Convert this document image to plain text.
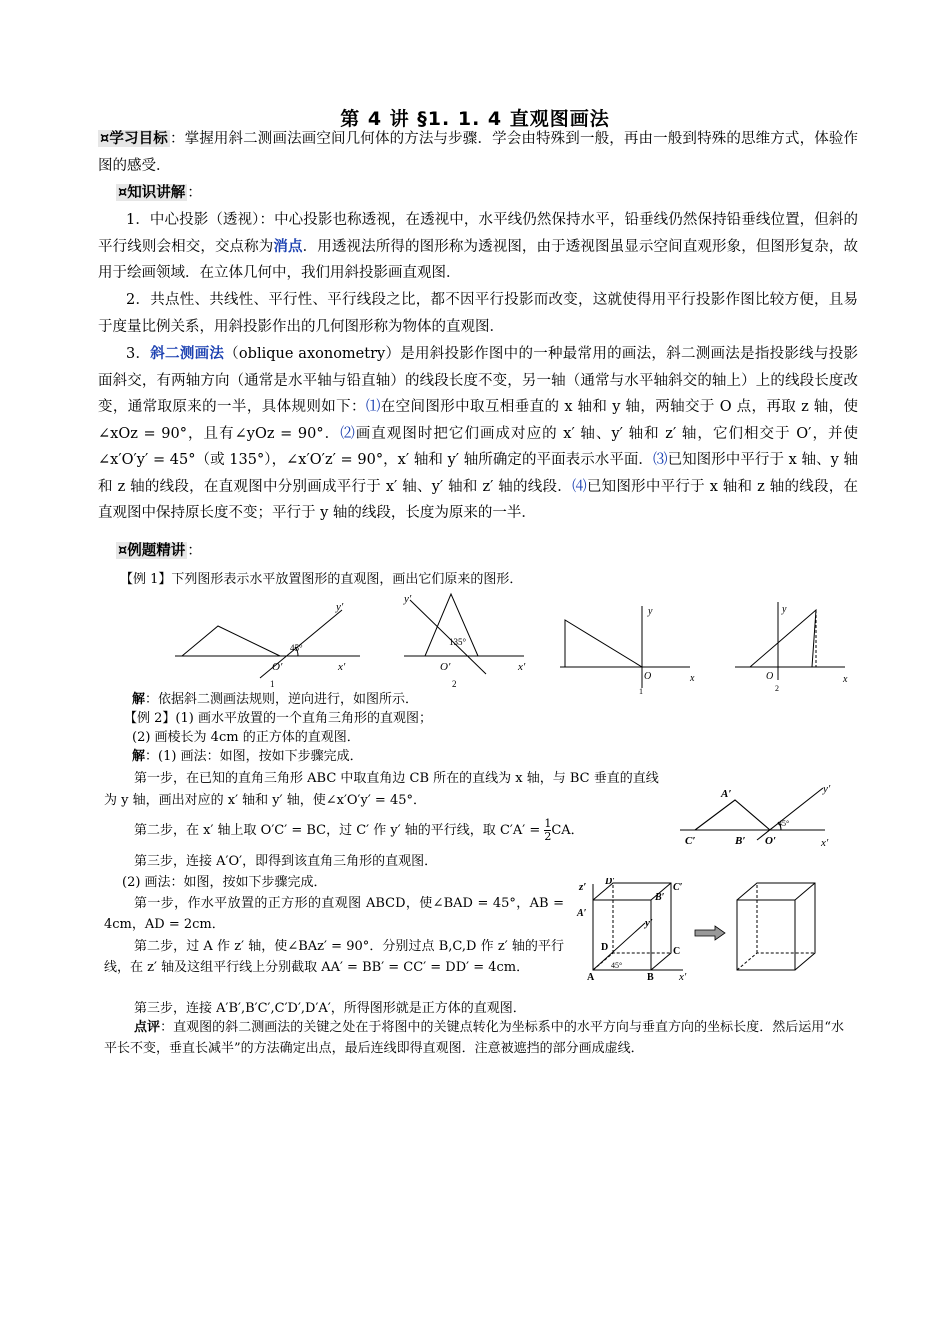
第 4 讲 §1. 1. 4 直观图画法
¤学习目标 ：掌握用斜二测画法画空间几何体的方法与步骤．学会由特殊到一般，再由一般到特殊的思维方式，体验作图的感受．
¤知识讲解 ：
1．中心投影（透视）：中心投影也称透视，在透视中，水平线仍然保持水平，铅垂线仍然保持铅垂线位置，但斜的平行线则会相交，交点称为消点．用透视法所得的图形称为透视图，由于透视图虽显示空间直观形象，但图形复杂，故用于绘画领域．在立体几何中，我们用斜投影画直观图．
2．共点性、共线性、平行性、平行线段之比，都不因平行投影而改变，这就使得用平行投影作图比较方便，且易于度量比例关系，用斜投影作出的几何图形称为物体的直观图．
3．斜二测画法（oblique axonometry）是用斜投影作图中的一种最常用的画法，斜二测画法是指投影线与投影面斜交，有两轴方向（通常是水平轴与铅直轴）的线段长度不变，另一轴（通常与水平轴斜交的轴上）上的线段长度改变，通常取原来的一半，具体规则如下：⑴在空间图形中取互相垂直的 x 轴和 y 轴，两轴交于 O 点，再取 z 轴，使∠xOz = 90°，且有∠yOz = 90°．⑵画直观图时把它们画成对应的 x′ 轴、y′ 轴和 z′ 轴，它们相交于 O′，并使∠x′O′y′ = 45°（或 135°），∠x′O′z′ = 90°，x′ 轴和 y′ 轴所确定的平面表示水平面．⑶已知图形中平行于 x 轴、y 轴和 z 轴的线段，在直观图中分别画成平行于 x′ 轴、y′ 轴和 z′ 轴的线段．⑷已知图形中平行于 x 轴和 z 轴的线段，在直观图中保持原长度不变；平行于 y 轴的线段，长度为原来的一半．
¤例题精讲 ：
【例 1】下列图形表示水平放置图形的直观图，画出它们原来的图形．
y′
x′
O′
45°
1
y′
x′
O′
135°
2
y
x
O
1
y
x
O
2
解：依据斜二测画法规则，逆向进行，如图所示．
【例 2】(1) 画水平放置的一个直角三角形的直观图；
(2) 画棱长为 4cm 的正方体的直观图．
解：(1) 画法：如图，按如下步骤完成．
第一步，在已知的直角三角形 ABC 中取直角边 CB 所在的直线为 x 轴，与 BC 垂直的直线为 y 轴，画出对应的 x′ 轴和 y′ 轴，使∠x′O′y′ = 45°．
第二步，在 x′ 轴上取 O′C′ = BC，过 C′ 作 y′ 轴的平行线，取 $C'A' = \frac{1}{2}$ CA．
第三步，连接 A′O′，即得到该直角三角形的直观图．
A′
B′
C′	O′	x′
y′
45°
(2) 画法：如图，按如下步骤完成．
第一步，作水平放置的正方形的直观图 ABCD，使∠BAD = 45°，AB = 4cm，AD = 2cm．
第二步，过 A 作 z′ 轴，使∠BAz′ = 90°．分别过点 B,C,D 作 z′ 轴的平行线，在 z′ 轴及这组平行线上分别截取 AA′ = BB′ = CC′ = DD′ = 4cm．
第三步，连接 A′B′,B′C′,C′D′,D′A′，所得图形就是正方体的直观图．
z′
y′
x′
A	B
C
D
A′
B′
C′
D′
45°
点评：直观图的斜二测画法的关键之处在于将图中的关键点转化为坐标系中的水平方向与垂直方向的坐标长度．然后运用“水平长不变，垂直长减半”的方法确定出点，最后连线即得直观图．注意被遮挡的部分画成虚线．
